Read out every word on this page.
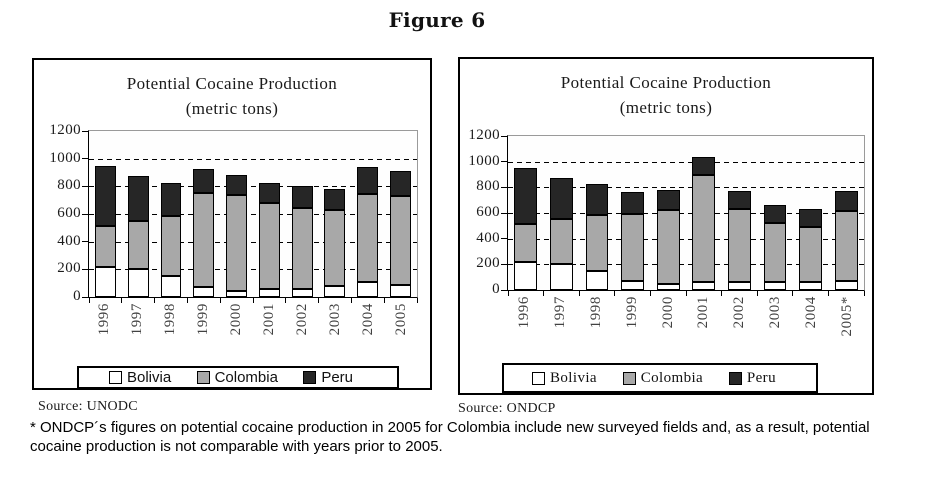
Figure 6
Potential Cocaine Production
(metric tons)
0
200
400
600
800
1000
1200
1996 1997 1998 1999 2000 2001 2002 2003 2004 2005
Bolivia	Colombia	Peru
Potential Cocaine Production
(metric tons)
0
200
400
600
800
1000
1200
1996 1997 1998 1999 2000 2001 2002 2003 2004 2005*
Bolivia	Colombia	Peru
Source: UNODC	Source: ONDCP
* ONDCP´s figures on potential cocaine production in 2005 for Colombia include new surveyed fields and, as a result, potential cocaine production is not comparable with years prior to 2005.
